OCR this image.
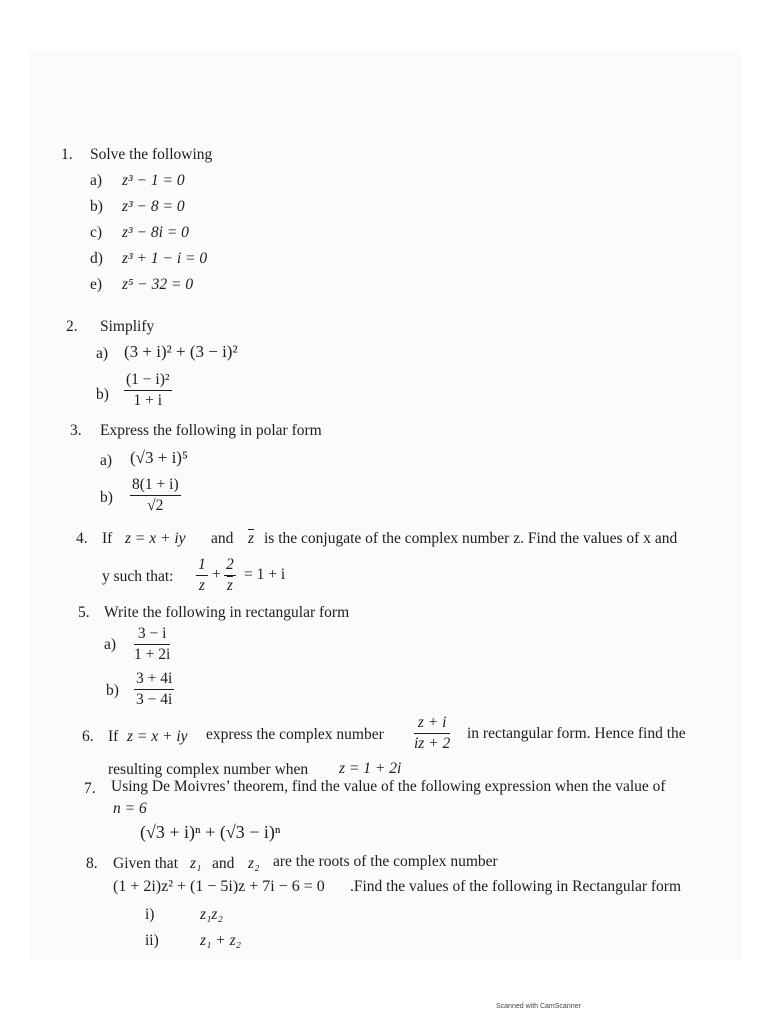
1. Solve the following
a) z³ − 1 = 0
b) z³ − 8 = 0
c) z³ − 8i = 0
d) z³ + 1 − i = 0
e) z⁵ − 32 = 0
2. Simplify
a) (3 + i)² + (3 − i)²
$b) \frac{\text{(1 − i)²}}{1 + i}$
3. Express the following in polar form
a) (√3 + i)⁵
$b) \frac{8(1 + i)}{√2}$
4. If z = x + iy and $\overline{z}$ is the conjugate of the complex number z. Find the values of x and
y such that: $\frac{1}{z} + \frac{2}{z} = 1 + i$
5. Write the following in rectangular form
$a) \frac{3 - i}{1 + 2i}$
$b) \frac{3 + 4i}{3 - 4i}$
6. If z = x + iy express the complex number $\frac{z + i}{iz + 2}$ in rectangular form. Hence find the
resulting complex number when z = 1 + 2i
7. Using De Moivres’ theorem, find the value of the following expression when the value of
n = 6
(√3 + i)ⁿ + (√3 − i)ⁿ
8. Given that z₁ and z₂ are the roots of the complex number
(1 + 2i)z² + (1 − 5i)z + 7i − 6 = 0 .Find the values of the following in Rectangular form
i)	z₁z₂
ii)	z₁ + z₂
Scanned with CamScanner
